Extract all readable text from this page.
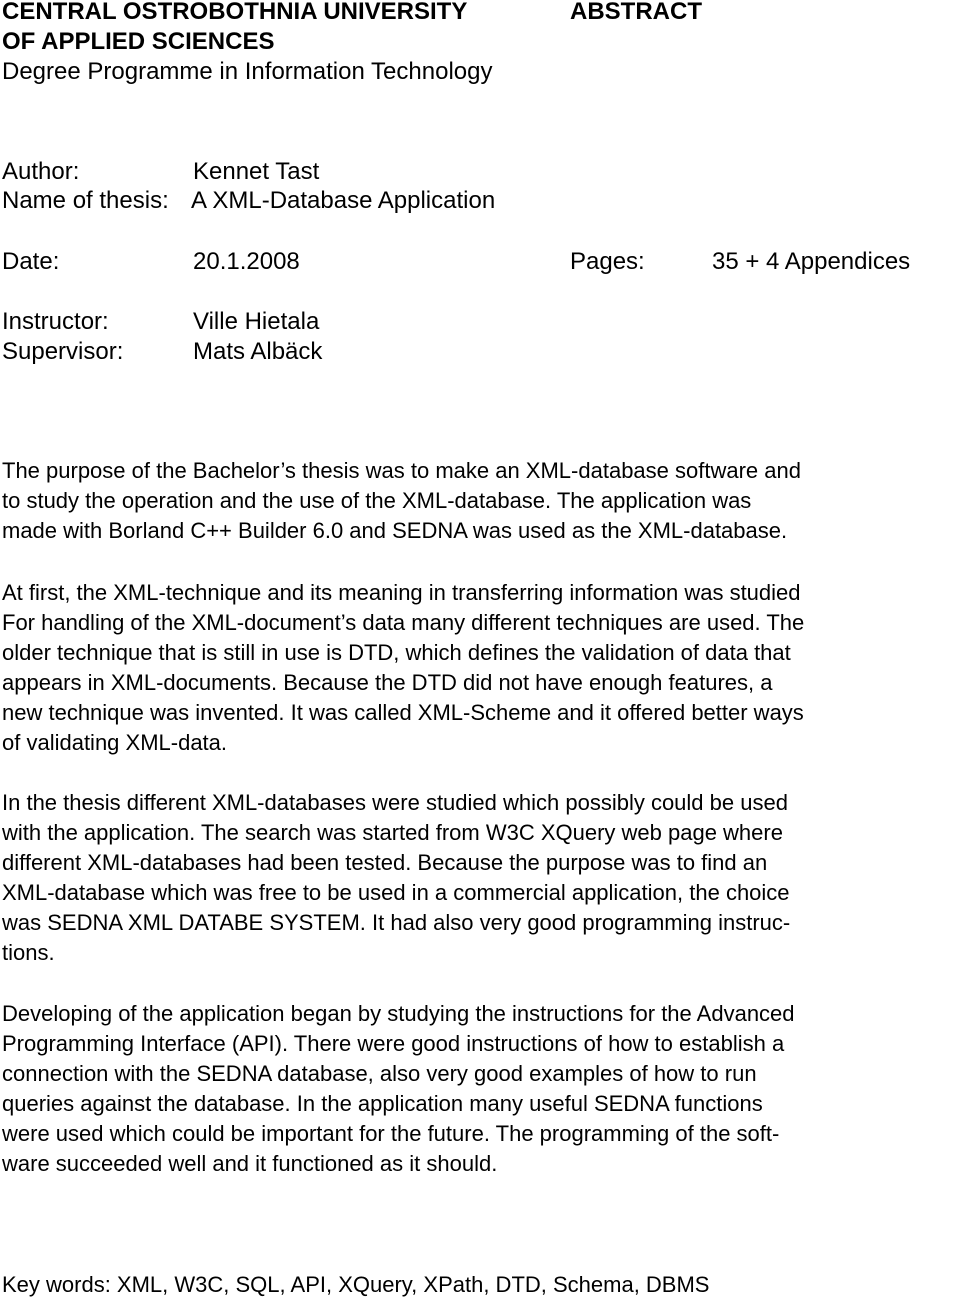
CENTRAL OSTROBOTHNIA UNIVERSITY
OF APPLIED SCIENCES
Degree Programme in Information Technology
ABSTRACT
Author:	Kennet Tast
Name of thesis: A XML-Database Application
Date:	20.1.2008	Pages:	35 + 4 Appendices
Instructor:	Ville Hietala
Supervisor:	Mats Albäck
The purpose of the Bachelor’s thesis was to make an XML-database software and
to study the operation and the use of the XML-database. The application was
made with Borland C++ Builder 6.0 and SEDNA was used as the XML-database.
At first, the XML-technique and its meaning in transferring information was studied
For handling of the XML-document’s data many different techniques are used. The
older technique that is still in use is DTD, which defines the validation of data that
appears in XML-documents. Because the DTD did not have enough features, a
new technique was invented. It was called XML-Scheme and it offered better ways
of validating XML-data.
In the thesis different XML-databases were studied which possibly could be used
with the application. The search was started from W3C XQuery web page where
different XML-databases had been tested. Because the purpose was to find an
XML-database which was free to be used in a commercial application, the choice
was SEDNA XML DATABE SYSTEM. It had also very good programming instruc-
tions.
Developing of the application began by studying the instructions for the Advanced
Programming Interface (API). There were good instructions of how to establish a
connection with the SEDNA database, also very good examples of how to run
queries against the database. In the application many useful SEDNA functions
were used which could be important for the future. The programming of the soft-
ware succeeded well and it functioned as it should.
Key words: XML, W3C, SQL, API, XQuery, XPath, DTD, Schema, DBMS
